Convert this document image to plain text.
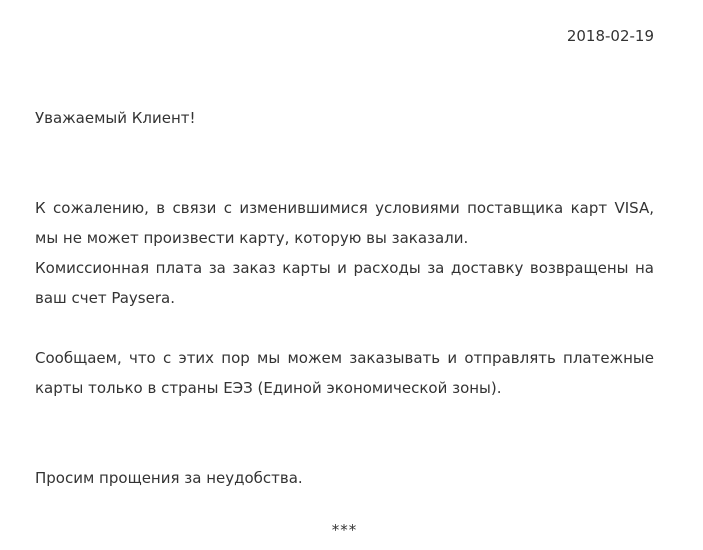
2018-02-19
Уважаемый Клиент!

К сожалению, в связи с изменившимися условиями поставщика карт VISA, мы не может произвести карту, которую вы заказали.

Комиссионная плата за заказ карты и расходы за доставку возвращены на ваш счет Paysera.

Сообщаем, что с этих пор мы можем заказывать и отправлять платежные карты только в страны ЕЭЗ (Единой экономической зоны).

Просим прощения за неудобства.
***
